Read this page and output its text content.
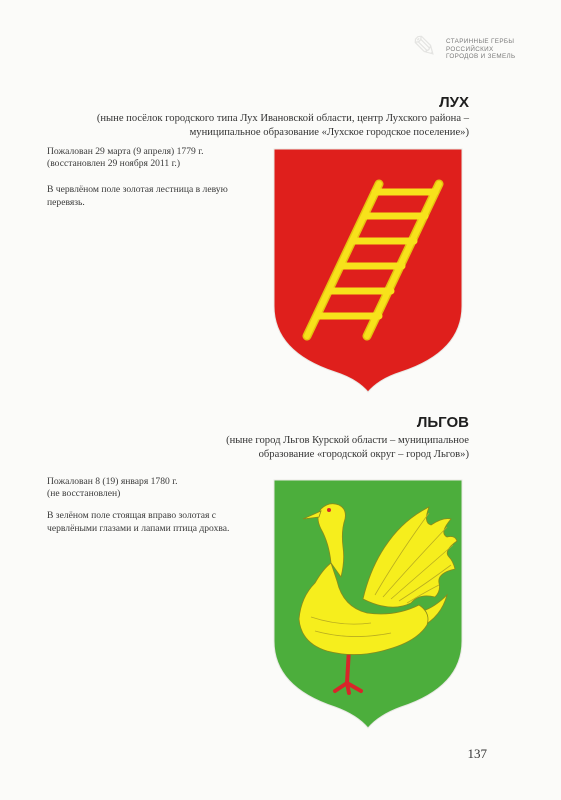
✎ СТАРИННЫЕ ГЕРБЫ
РОССИЙСКИХ
ГОРОДОВ И ЗЕМЕЛЬ
ЛУХ
(ныне посёлок городского типа Лух Ивановской области, центр Лухского района –
муниципальное образование «Лухское городское поселение»)
Пожалован 29 марта (9 апреля) 1779 г.
(восстановлен 29 ноября 2011 г.)
В червлёном поле золотая лестница в левую перевязь.
ЛЬГОВ
(ныне город Льгов Курской области – муниципальное
образование «городской округ – город Льгов»)
Пожалован 8 (19) января 1780 г.
(не восстановлен)
В зелёном поле стоящая вправо золотая с червлёными глазами и лапами птица дрохва.
137
